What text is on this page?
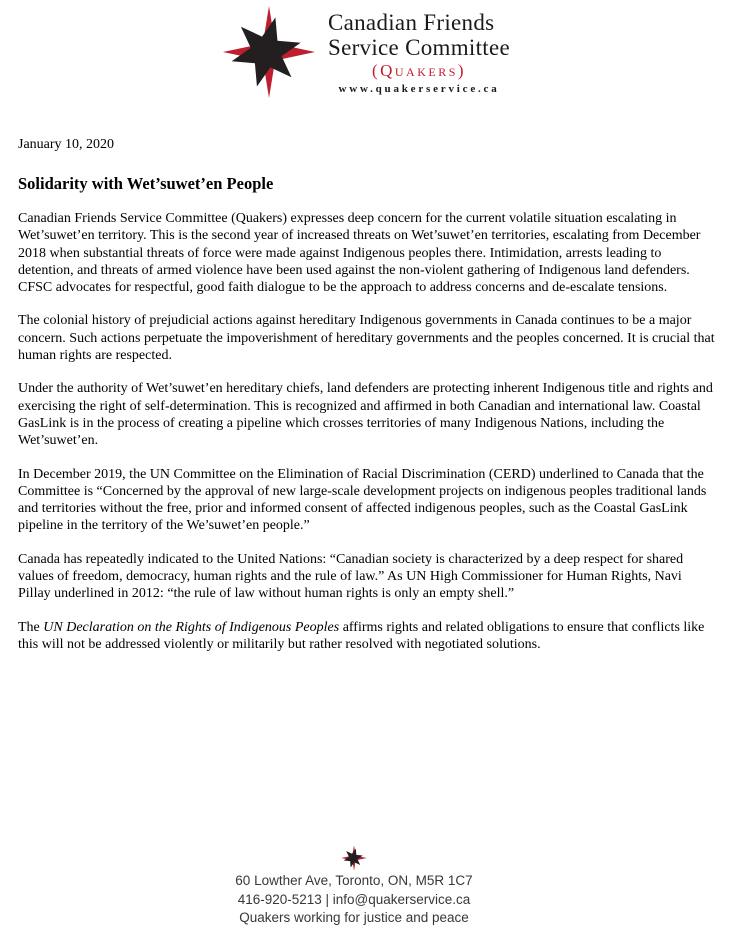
Canadian Friends
Service Committee
(Quakers)
www.quakerservice.ca
January 10, 2020
Solidarity with Wet’suwet’en People

Canadian Friends Service Committee (Quakers) expresses deep concern for the current volatile situation escalating in Wet’suwet’en territory. This is the second year of increased threats on Wet’suwet’en territories, escalating from December 2018 when substantial threats of force were made against Indigenous peoples there. Intimidation, arrests leading to detention, and threats of armed violence have been used against the non-violent gathering of Indigenous land defenders. CFSC advocates for respectful, good faith dialogue to be the approach to address concerns and de-escalate tensions.

The colonial history of prejudicial actions against hereditary Indigenous governments in Canada continues to be a major concern. Such actions perpetuate the impoverishment of hereditary governments and the peoples concerned. It is crucial that human rights are respected.

Under the authority of Wet’suwet’en hereditary chiefs, land defenders are protecting inherent Indigenous title and rights and exercising the right of self-determination. This is recognized and affirmed in both Canadian and international law. Coastal GasLink is in the process of creating a pipeline which crosses territories of many Indigenous Nations, including the Wet’suwet’en.

In December 2019, the UN Committee on the Elimination of Racial Discrimination (CERD) underlined to Canada that the Committee is “Concerned by the approval of new large-scale development projects on indigenous peoples traditional lands and territories without the free, prior and informed consent of affected indigenous peoples, such as the Coastal GasLink pipeline in the territory of the We’suwet’en people.”

Canada has repeatedly indicated to the United Nations: “Canadian society is characterized by a deep respect for shared values of freedom, democracy, human rights and the rule of law.” As UN High Commissioner for Human Rights, Navi Pillay underlined in 2012: “the rule of law without human rights is only an empty shell.”

The UN Declaration on the Rights of Indigenous Peoples affirms rights and related obligations to ensure that conflicts like this will not be addressed violently or militarily but rather resolved with negotiated solutions.

60 Lowther Ave, Toronto, ON, M5R 1C7
416-920-5213 | info@quakerservice.ca
Quakers working for justice and peace
